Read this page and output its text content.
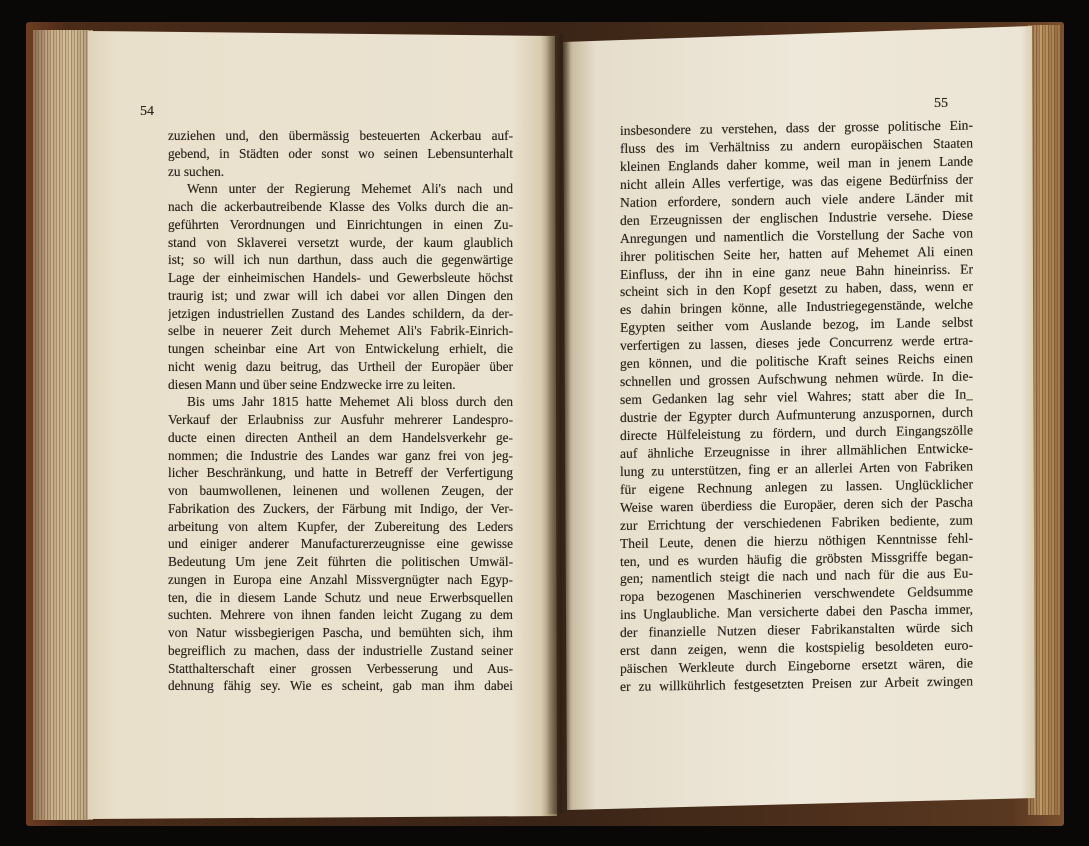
54
55
zuziehen und, den übermässig besteuerten Ackerbau auf-
gebend, in Städten oder sonst wo seinen Lebensunterhalt
zu suchen.
Wenn unter der Regierung Mehemet Ali's nach und
nach die ackerbautreibende Klasse des Volks durch die an-
geführten Verordnungen und Einrichtungen in einen Zu-
stand von Sklaverei versetzt wurde, der kaum glaublich
ist; so will ich nun darthun, dass auch die gegenwärtige
Lage der einheimischen Handels- und Gewerbsleute höchst
traurig ist; und zwar will ich dabei vor allen Dingen den
jetzigen industriellen Zustand des Landes schildern, da der-
selbe in neuerer Zeit durch Mehemet Ali's Fabrik-Einrich-
tungen scheinbar eine Art von Entwickelung erhielt, die
nicht wenig dazu beitrug, das Urtheil der Europäer über
diesen Mann und über seine Endzwecke irre zu leiten.
Bis ums Jahr 1815 hatte Mehemet Ali bloss durch den
Verkauf der Erlaubniss zur Ausfuhr mehrerer Landespro-
ducte einen directen Antheil an dem Handelsverkehr ge-
nommen; die Industrie des Landes war ganz frei von jeg-
licher Beschränkung, und hatte in Betreff der Verfertigung
von baumwollenen, leinenen und wollenen Zeugen, der
Fabrikation des Zuckers, der Färbung mit Indigo, der Ver-
arbeitung von altem Kupfer, der Zubereitung des Leders
und einiger anderer Manufacturerzeugnisse eine gewisse
Bedeutung Um jene Zeit führten die politischen Umwäl-
zungen in Europa eine Anzahl Missvergnügter nach Egyp-
ten, die in diesem Lande Schutz und neue Erwerbsquellen
suchten. Mehrere von ihnen fanden leicht Zugang zu dem
von Natur wissbegierigen Pascha, und bemühten sich, ihm
begreiflich zu machen, dass der industrielle Zustand seiner
Statthalterschaft einer grossen Verbesserung und Aus-
dehnung fähig sey. Wie es scheint, gab man ihm dabei
insbesondere zu verstehen, dass der grosse politische Ein-
fluss des im Verhältniss zu andern europäischen Staaten
kleinen Englands daher komme, weil man in jenem Lande
nicht allein Alles verfertige, was das eigene Bedürfniss der
Nation erfordere, sondern auch viele andere Länder mit
den Erzeugnissen der englischen Industrie versehe. Diese
Anregungen und namentlich die Vorstellung der Sache von
ihrer politischen Seite her, hatten auf Mehemet Ali einen
Einfluss, der ihn in eine ganz neue Bahn hineinriss. Er
scheint sich in den Kopf gesetzt zu haben, dass, wenn er
es dahin bringen könne, alle Industriegegenstände, welche
Egypten seither vom Auslande bezog, im Lande selbst
verfertigen zu lassen, dieses jede Concurrenz werde ertra-
gen können, und die politische Kraft seines Reichs einen
schnellen und grossen Aufschwung nehmen würde. In die-
sem Gedanken lag sehr viel Wahres; statt aber die In_
dustrie der Egypter durch Aufmunterung anzuspornen, durch
directe Hülfeleistung zu fördern, und durch Eingangszölle
auf ähnliche Erzeugnisse in ihrer allmählichen Entwicke-
lung zu unterstützen, fing er an allerlei Arten von Fabriken
für eigene Rechnung anlegen zu lassen. Unglücklicher
Weise waren überdiess die Europäer, deren sich der Pascha
zur Errichtung der verschiedenen Fabriken bediente, zum
Theil Leute, denen die hierzu nöthigen Kenntnisse fehl-
ten, und es wurden häufig die gröbsten Missgriffe began-
gen; namentlich steigt die nach und nach für die aus Eu-
ropa bezogenen Maschinerien verschwendete Geldsumme
ins Unglaubliche. Man versicherte dabei den Pascha immer,
der finanzielle Nutzen dieser Fabrikanstalten würde sich
erst dann zeigen, wenn die kostspielig besoldeten euro-
päischen Werkleute durch Eingeborne ersetzt wären, die
er zu willkührlich festgesetzten Preisen zur Arbeit zwingen
